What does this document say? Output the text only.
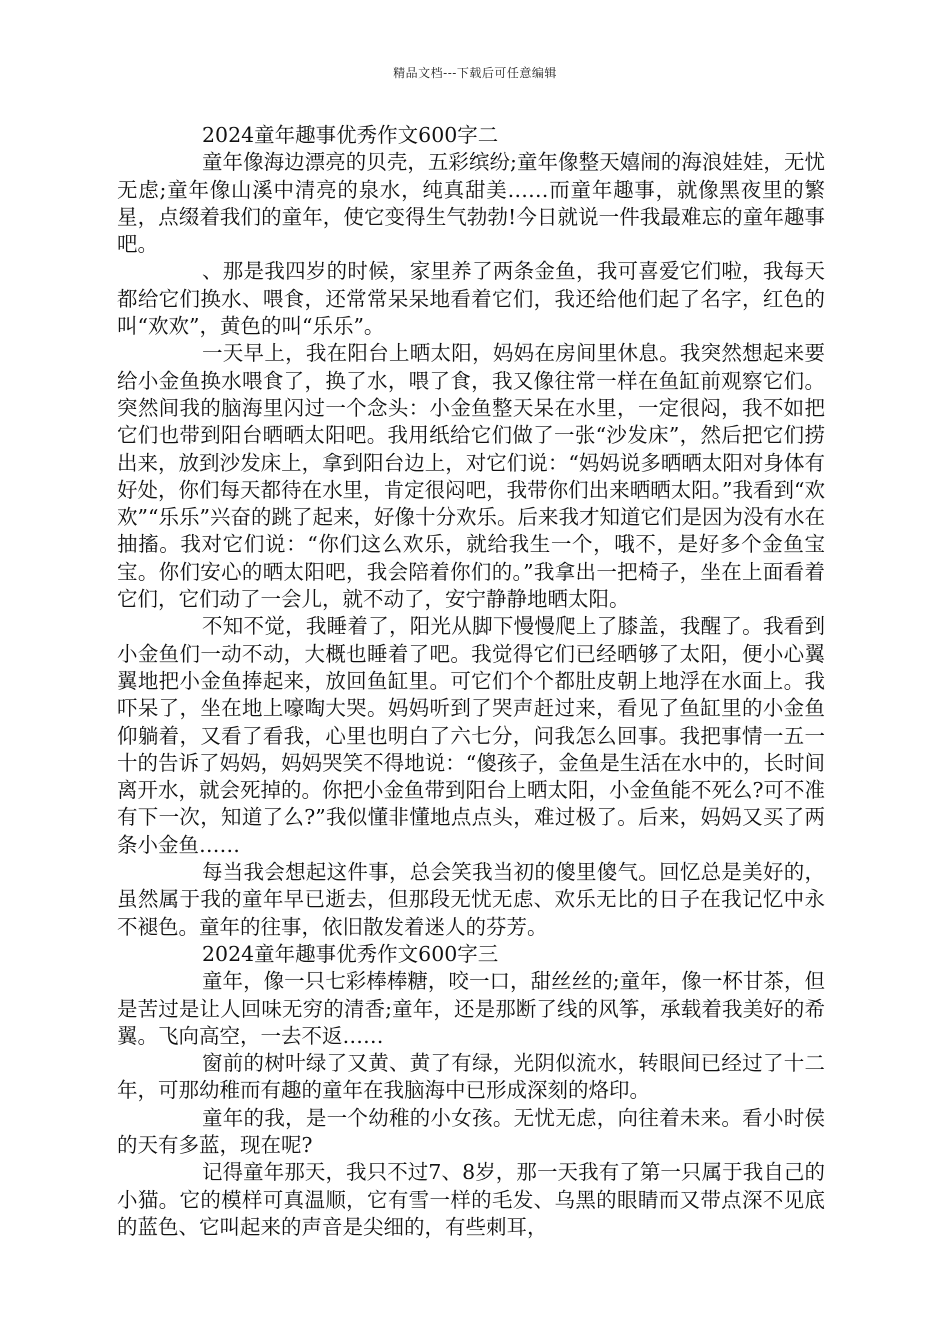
精品文档---下载后可任意编辑

2024童年趣事优秀作文600字二

童年像海边漂亮的贝壳，五彩缤纷;童年像整天嬉闹的海浪娃娃，无忧无虑;童年像山溪中清亮的泉水，纯真甜美……而童年趣事，就像黑夜里的繁星，点缀着我们的童年，使它变得生气勃勃!今日就说一件我最难忘的童年趣事吧。

、那是我四岁的时候，家里养了两条金鱼，我可喜爱它们啦，我每天都给它们换水、喂食，还常常呆呆地看着它们，我还给他们起了名字，红色的叫“欢欢”，黄色的叫“乐乐”。

一天早上，我在阳台上晒太阳，妈妈在房间里休息。我突然想起来要给小金鱼换水喂食了，换了水，喂了食，我又像往常一样在鱼缸前观察它们。突然间我的脑海里闪过一个念头：小金鱼整天呆在水里，一定很闷，我不如把它们也带到阳台晒晒太阳吧。我用纸给它们做了一张“沙发床”，然后把它们捞出来，放到沙发床上，拿到阳台边上，对它们说：“妈妈说多晒晒太阳对身体有好处，你们每天都待在水里，肯定很闷吧，我带你们出来晒晒太阳。”我看到“欢欢”“乐乐”兴奋的跳了起来，好像十分欢乐。后来我才知道它们是因为没有水在抽搐。我对它们说：“你们这么欢乐，就给我生一个，哦不，是好多个金鱼宝宝。你们安心的晒太阳吧，我会陪着你们的。”我拿出一把椅子，坐在上面看着它们，它们动了一会儿，就不动了，安宁静静地晒太阳。

不知不觉，我睡着了，阳光从脚下慢慢爬上了膝盖，我醒了。我看到小金鱼们一动不动，大概也睡着了吧。我觉得它们已经晒够了太阳，便小心翼翼地把小金鱼捧起来，放回鱼缸里。可它们个个都肚皮朝上地浮在水面上。我吓呆了，坐在地上嚎啕大哭。妈妈听到了哭声赶过来，看见了鱼缸里的小金鱼仰躺着，又看了看我，心里也明白了六七分，问我怎么回事。我把事情一五一十的告诉了妈妈，妈妈哭笑不得地说：“傻孩子，金鱼是生活在水中的，长时间离开水，就会死掉的。你把小金鱼带到阳台上晒太阳，小金鱼能不死么?可不准有下一次，知道了么?”我似懂非懂地点点头，难过极了。后来，妈妈又买了两条小金鱼……

每当我会想起这件事，总会笑我当初的傻里傻气。回忆总是美好的，虽然属于我的童年早已逝去，但那段无忧无虑、欢乐无比的日子在我记忆中永不褪色。童年的往事，依旧散发着迷人的芬芳。

2024童年趣事优秀作文600字三

童年，像一只七彩棒棒糖，咬一口，甜丝丝的;童年，像一杯甘茶，但是苦过是让人回味无穷的清香;童年，还是那断了线的风筝，承载着我美好的希翼。飞向高空，一去不返……

窗前的树叶绿了又黄、黄了有绿，光阴似流水，转眼间已经过了十二年，可那幼稚而有趣的童年在我脑海中已形成深刻的烙印。

童年的我，是一个幼稚的小女孩。无忧无虑，向往着未来。看小时侯的天有多蓝，现在呢?

记得童年那天，我只不过7、8岁，那一天我有了第一只属于我自己的小猫。它的模样可真温顺，它有雪一样的毛发、乌黑的眼睛而又带点深不见底的蓝色、它叫起来的声音是尖细的，有些刺耳，
